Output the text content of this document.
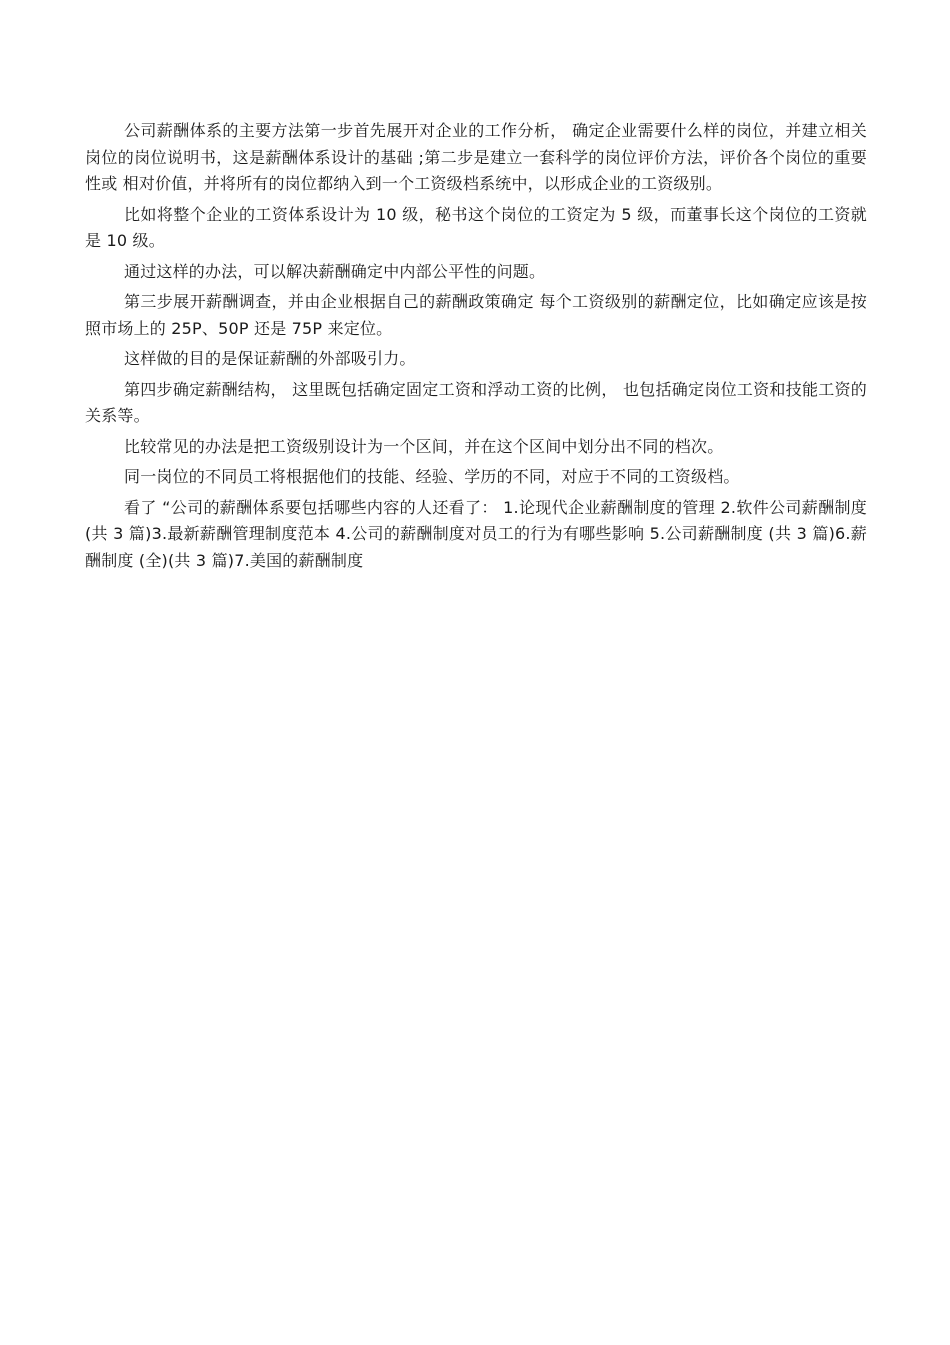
公司薪酬体系的主要方法第一步首先展开对企业的工作分析， 确定企业需要什么样的岗位，并建立相关岗位的岗位说明书，这是薪酬体系设计的基础 ;第二步是建立一套科学的岗位评价方法，评价各个岗位的重要性或 相对价值，并将所有的岗位都纳入到一个工资级档系统中，以形成企业的工资级别。

比如将整个企业的工资体系设计为 10 级，秘书这个岗位的工资定为 5 级，而董事长这个岗位的工资就是 10 级。

通过这样的办法，可以解决薪酬确定中内部公平性的问题。

第三步展开薪酬调查，并由企业根据自己的薪酬政策确定 每个工资级别的薪酬定位，比如确定应该是按照市场上的 25P、50P 还是 75P 来定位。

这样做的目的是保证薪酬的外部吸引力。

第四步确定薪酬结构， 这里既包括确定固定工资和浮动工资的比例， 也包括确定岗位工资和技能工资的关系等。

比较常见的办法是把工资级别设计为一个区间，并在这个区间中划分出不同的档次。

同一岗位的不同员工将根据他们的技能、经验、学历的不同，对应于不同的工资级档。

看了 “公司的薪酬体系要包括哪些内容的人还看了： 1.论现代企业薪酬制度的管理 2.软件公司薪酬制度 (共 3 篇)3.最新薪酬管理制度范本 4.公司的薪酬制度对员工的行为有哪些影响 5.公司薪酬制度 (共 3 篇)6.薪酬制度 (全)(共 3 篇)7.美国的薪酬制度
